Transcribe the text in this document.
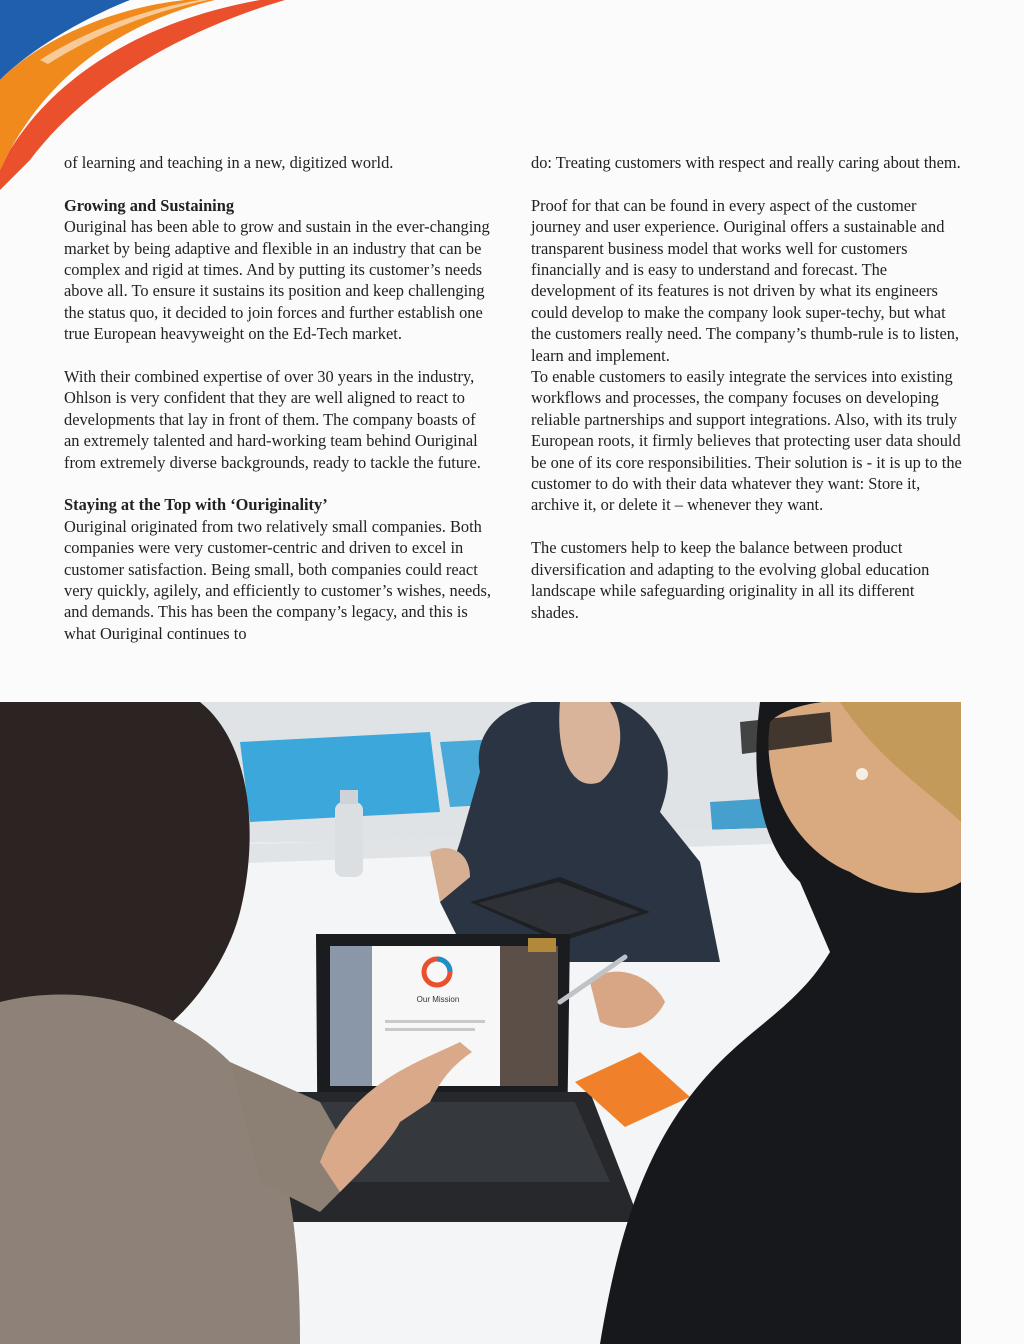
of learning and teaching in a new, digitized world.

Growing and Sustaining
Ouriginal has been able to grow and sustain in the ever-changing market by being adaptive and flexible in an industry that can be complex and rigid at times. And by putting its customer’s needs above all. To ensure it sustains its position and keep challenging the status quo, it decided to join forces and further establish one true European heavyweight on the Ed-Tech market.

With their combined expertise of over 30 years in the industry, Ohlson is very confident that they are well aligned to react to developments that lay in front of them. The company boasts of an extremely talented and hard-working team behind Ouriginal from extremely diverse backgrounds, ready to tackle the future.

Staying at the Top with ‘Ouriginality’
Ouriginal originated from two relatively small companies. Both companies were very customer-centric and driven to excel in customer satisfaction. Being small, both companies could react very quickly, agilely, and efficiently to customer’s wishes, needs, and demands. This has been the company’s legacy, and this is what Ouriginal continues to

do: Treating customers with respect and really caring about them.

Proof for that can be found in every aspect of the customer journey and user experience. Ouriginal offers a sustainable and transparent business model that works well for customers financially and is easy to understand and forecast. The development of its features is not driven by what its engineers could develop to make the company look super-techy, but what the customers really need. The company’s thumb-rule is to listen, learn and implement.

To enable customers to easily integrate the services into existing workflows and processes, the company focuses on developing reliable partnerships and support integrations. Also, with its truly European roots, it firmly believes that protecting user data should be one of its core responsibilities. Their solution is - it is up to the customer to do with their data whatever they want: Store it, archive it, or delete it – whenever they want.

The customers help to keep the balance between product diversification and adapting to the evolving global education landscape while safeguarding originality in all its different shades.

Our Mission
